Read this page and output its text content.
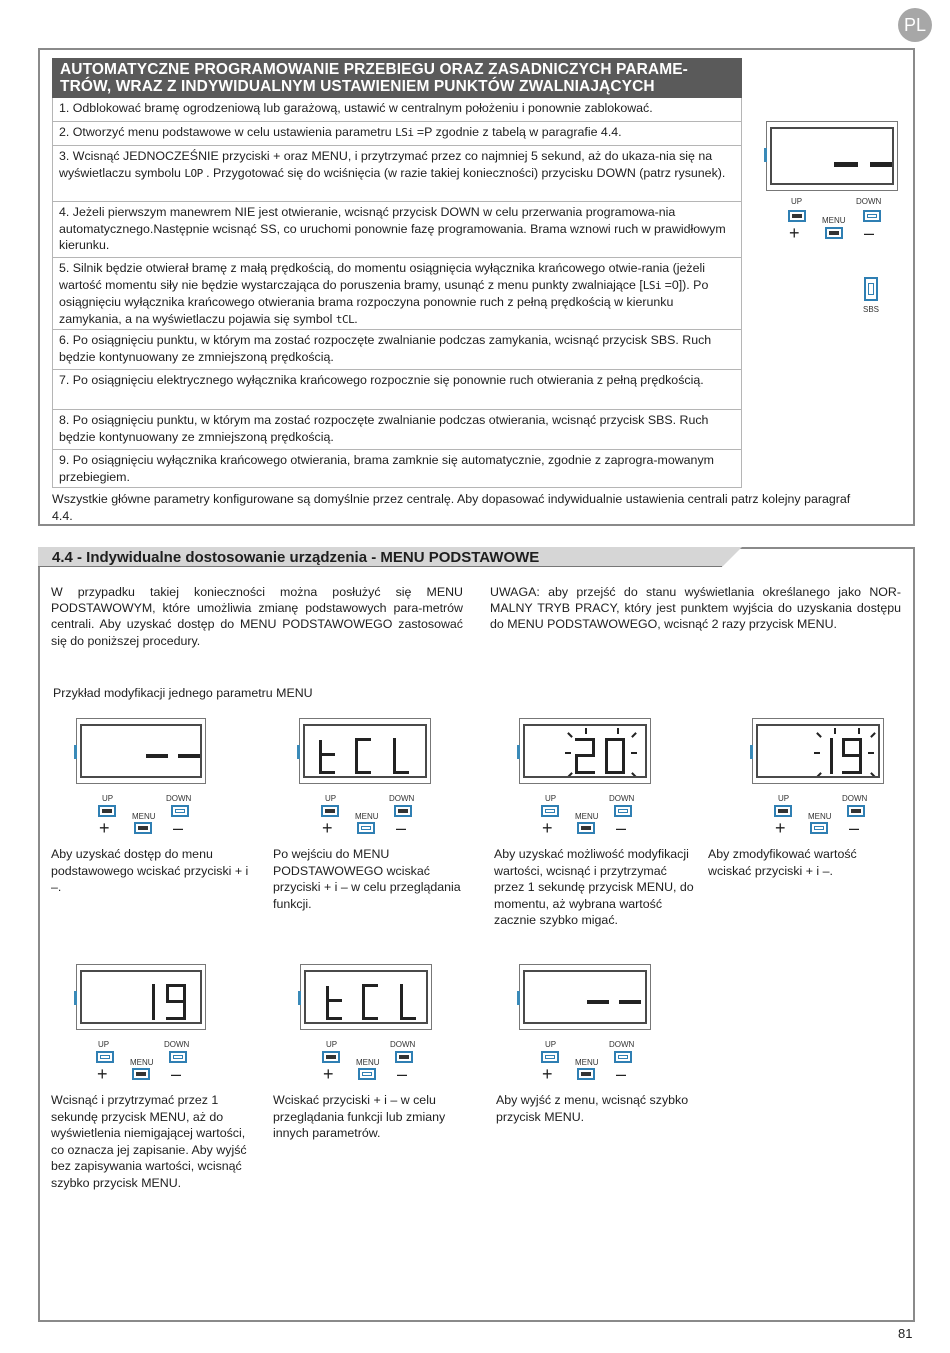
PL
AUTOMATYCZNE PROGRAMOWANIE PRZEBIEGU ORAZ ZASADNICZYCH PARAME-
TRÓW, WRAZ Z INDYWIDUALNYM USTAWIENIEM PUNKTÓW ZWALNIAJĄCYCH
1. Odblokować bramę ogrodzeniową lub garażową, ustawić w centralnym położeniu i ponownie zablokować.
2. Otworzyć menu podstawowe w celu ustawienia parametru LSi =P zgodnie z tabelą w paragrafie 4.4.
3. Wcisnąć JEDNOCZEŚNIE przyciski + oraz MENU, i przytrzymać przez co najmniej 5 sekund, aż do ukaza-nia się na wyświetlaczu symbolu LOP . Przygotować się do wciśnięcia (w razie takiej konieczności) przycisku DOWN (patrz rysunek).
4. Jeżeli pierwszym manewrem NIE jest otwieranie, wcisnąć przycisk DOWN w celu przerwania programowa-nia automatycznego.Następnie wcisnąć SS, co uruchomi ponownie fazę programowania. Brama wznowi ruch w prawidłowym kierunku.
5. Silnik będzie otwierał bramę z małą prędkością, do momentu osiągnięcia wyłącznika krańcowego otwie-rania (jeżeli wartość momentu siły nie będzie wystarczająca do poruszenia bramy, usunąć z menu punkty zwalniające [LSi =0]). Po osiągnięciu wyłącznika krańcowego otwierania brama rozpoczyna ponownie ruch z pełną prędkością w kierunku zamykania, a na wyświetlaczu pojawia się symbol tCL.
6. Po osiągnięciu punktu, w którym ma zostać rozpoczęte zwalnianie podczas zamykania, wcisnąć przycisk SBS. Ruch będzie kontynuowany ze zmniejszoną prędkością.
7. Po osiągnięciu elektrycznego wyłącznika krańcowego rozpocznie się ponownie ruch otwierania z pełną prędkością.
8. Po osiągnięciu punktu, w którym ma zostać rozpoczęte zwalnianie podczas otwierania, wcisnąć przycisk SBS. Ruch będzie kontynuowany ze zmniejszoną prędkością.
9. Po osiągnięciu wyłącznika krańcowego otwierania, brama zamknie się automatycznie, zgodnie z zaprogra-mowanym przebiegiem.
Wszystkie główne parametry konfigurowane są domyślnie przez centralę. Aby dopasować indywidualnie ustawienia centrali patrz kolejny paragraf 4.4.
UP	DOWN
MENU
+	–
SBS
4.4 - Indywidualne dostosowanie urządzenia - MENU PODSTAWOWE
W przypadku takiej konieczności można posłużyć się MENU PODSTAWOWYM, które umożliwia zmianę podstawowych para-metrów centrali. Aby uzyskać dostęp do MENU PODSTAWOWEGO zastosować się do poniższej procedury.
UWAGA: aby przejść do stanu wyświetlania określanego jako NOR-MALNY TRYB PRACY, który jest punktem wyjścia do uzyskania dostępu do MENU PODSTAWOWEGO, wcisnąć 2 razy przycisk MENU.
Przykład modyfikacji jednego parametru MENU
UP	DOWN
MENU
+	–
Aby uzyskać dostęp do menu podstawowego wciskać przyciski + i –.
UP	DOWN
MENU
+	–
Po wejściu do MENU PODSTAWOWEGO wciskać przyciski + i – w celu przeglądania funkcji.
UP	DOWN
MENU
+	–
Aby uzyskać możliwość modyfikacji wartości, wcisnąć i przytrzymać przez 1 sekundę przycisk MENU, do momentu, aż wybrana wartość zacznie szybko migać.
UP	DOWN
MENU
+	–
Aby zmodyfikować wartość wciskać przyciski + i –.
UP	DOWN
MENU
+	–
Wcisnąć i przytrzymać przez 1 sekundę przycisk MENU, aż do wyświetlenia niemigającej wartości, co oznacza jej zapisanie. Aby wyjść bez zapisywania wartości, wcisnąć szybko przycisk MENU.
UP	DOWN
MENU
+	–
Wciskać przyciski + i – w celu przeglądania funkcji lub zmiany innych parametrów.
UP	DOWN
MENU
+	–
Aby wyjść z menu, wcisnąć szybko przycisk MENU.
81
